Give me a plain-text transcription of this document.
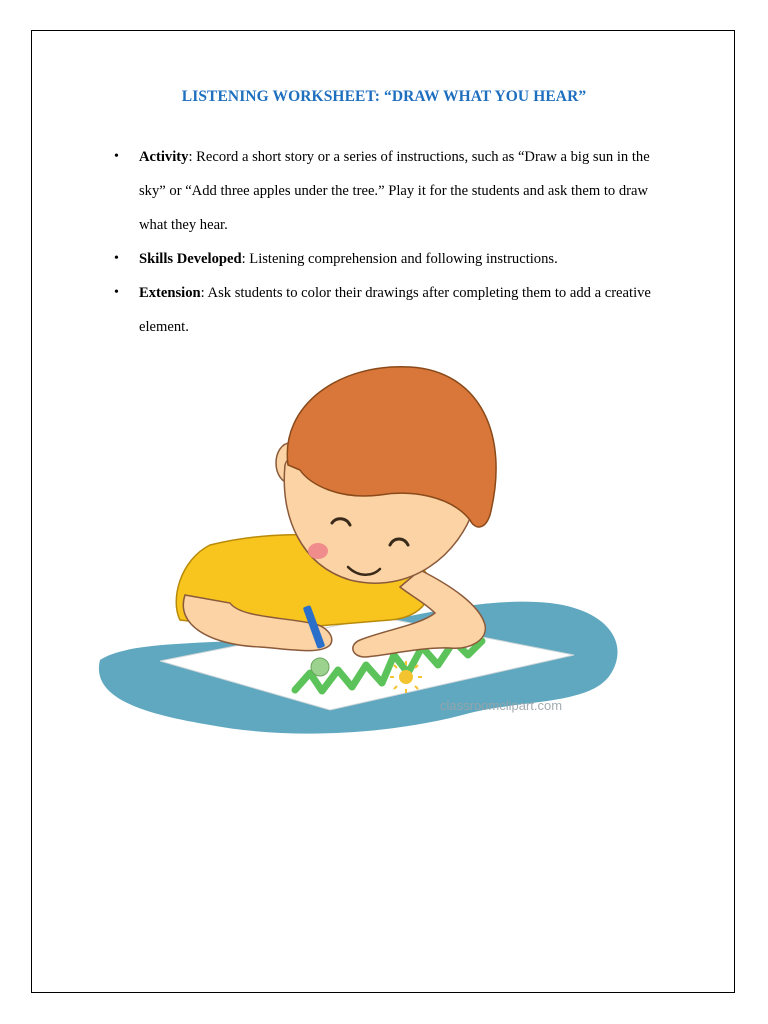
LISTENING WORKSHEET: “DRAW WHAT YOU HEAR”
• Activity: Record a short story or a series of instructions, such as “Draw a big sun in the sky” or “Add three apples under the tree.” Play it for the students and ask them to draw what they hear.
• Skills Developed: Listening comprehension and following instructions.
• Extension: Ask students to color their drawings after completing them to add a creative element.
classroomclipart.com
